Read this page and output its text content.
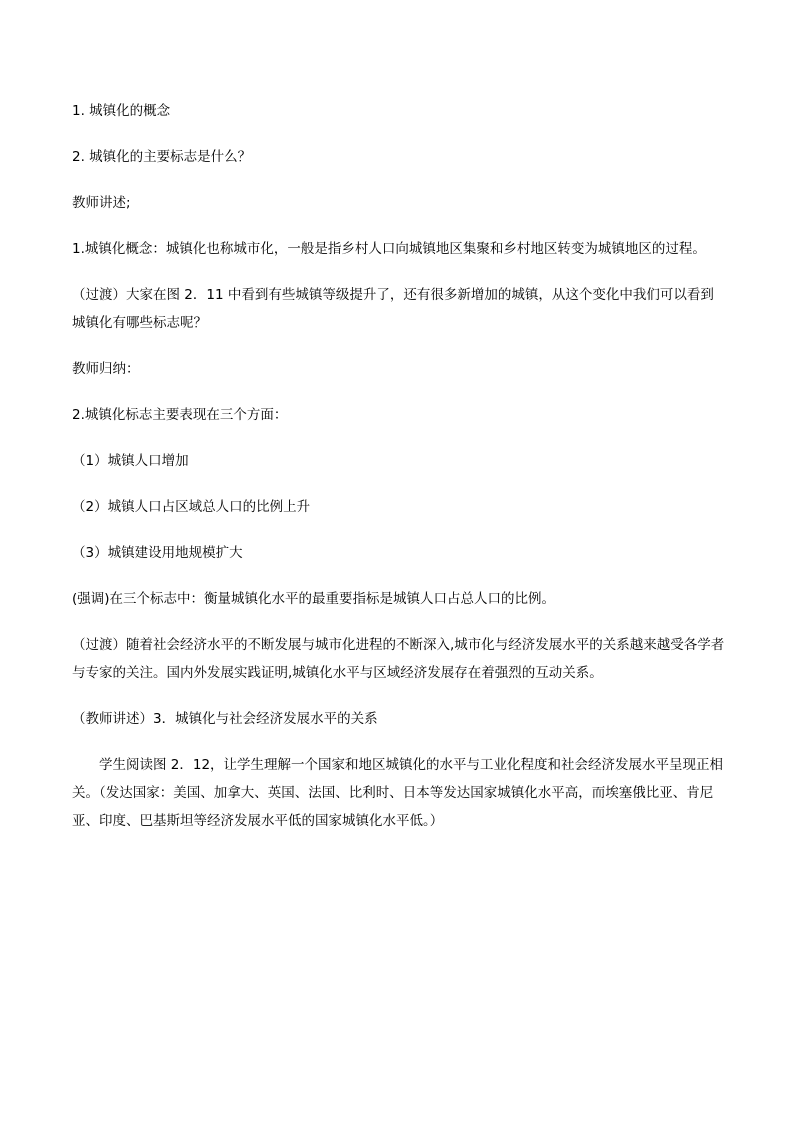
1. 城镇化的概念

2. 城镇化的主要标志是什么？

教师讲述;

1.城镇化概念：城镇化也称城市化，一般是指乡村人口向城镇地区集聚和乡村地区转变为城镇地区的过程。

（过渡）大家在图 2．11 中看到有些城镇等级提升了，还有很多新增加的城镇，从这个变化中我们可以看到城镇化有哪些标志呢？

教师归纳：

2.城镇化标志主要表现在三个方面：

（1）城镇人口增加

（2）城镇人口占区域总人口的比例上升

（3）城镇建设用地规模扩大

(强调)在三个标志中：衡量城镇化水平的最重要指标是城镇人口占总人口的比例。

（过渡）随着社会经济水平的不断发展与城市化进程的不断深入,城市化与经济发展水平的关系越来越受各学者与专家的关注。国内外发展实践证明,城镇化水平与区域经济发展存在着强烈的互动关系。

（教师讲述）3．城镇化与社会经济发展水平的关系

学生阅读图 2．12，让学生理解一个国家和地区城镇化的水平与工业化程度和社会经济发展水平呈现正相关。（发达国家：美国、加拿大、英国、法国、比利时、日本等发达国家城镇化水平高，而埃塞俄比亚、肯尼亚、印度、巴基斯坦等经济发展水平低的国家城镇化水平低。）
